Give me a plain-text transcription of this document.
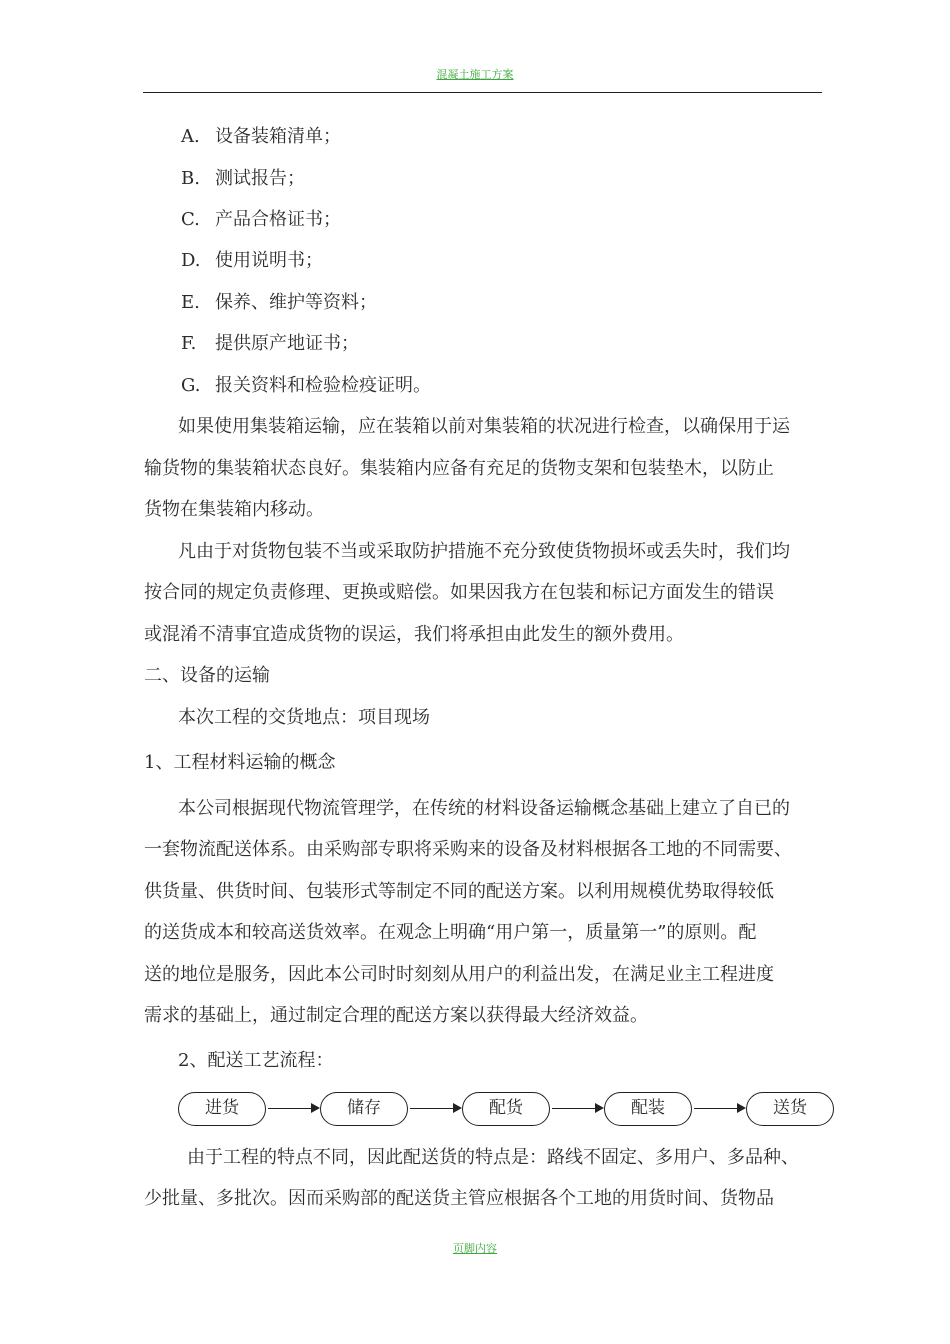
混凝土施工方案
A. 设备装箱清单；
B. 测试报告；
C. 产品合格证书；
D. 使用说明书；
E. 保养、维护等资料；
F. 提供原产地证书；
G. 报关资料和检验检疫证明。
如果使用集装箱运输，应在装箱以前对集装箱的状况进行检查，以确保用于运
输货物的集装箱状态良好。集装箱内应备有充足的货物支架和包装垫木，以防止
货物在集装箱内移动。
凡由于对货物包装不当或采取防护措施不充分致使货物损坏或丢失时，我们均
按合同的规定负责修理、更换或赔偿。如果因我方在包装和标记方面发生的错误
或混淆不清事宜造成货物的误运，我们将承担由此发生的额外费用。
二、设备的运输
本次工程的交货地点：项目现场
1、工程材料运输的概念
本公司根据现代物流管理学，在传统的材料设备运输概念基础上建立了自已的
一套物流配送体系。由采购部专职将采购来的设备及材料根据各工地的不同需要、
供货量、供货时间、包装形式等制定不同的配送方案。以利用规模优势取得较低
的送货成本和较高送货效率。在观念上明确“用户第一，质量第一”的原则。配
送的地位是服务，因此本公司时时刻刻从用户的利益出发，在满足业主工程进度
需求的基础上，通过制定合理的配送方案以获得最大经济效益。
2、配送工艺流程：
进货	储存	配货	配装	送货
由于工程的特点不同，因此配送货的特点是：路线不固定、多用户、多品种、
少批量、多批次。因而采购部的配送货主管应根据各个工地的用货时间、货物品
页脚内容
